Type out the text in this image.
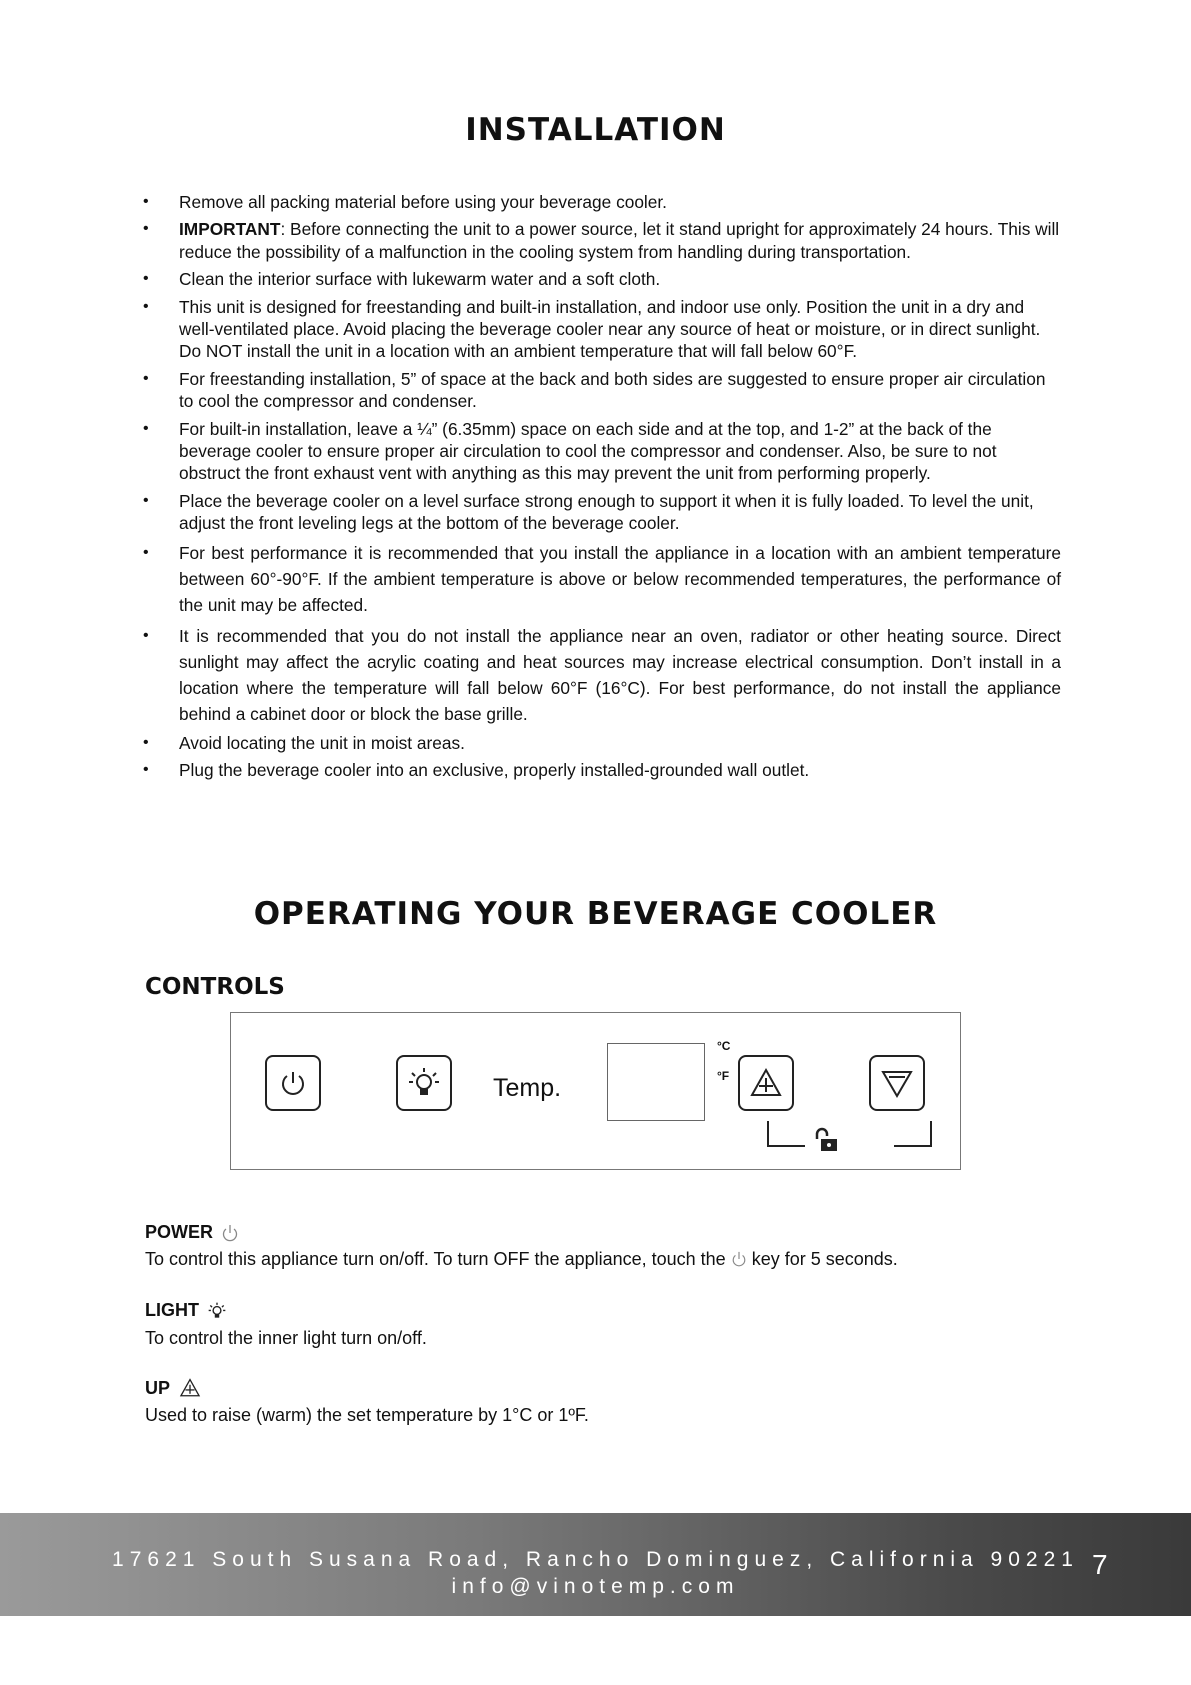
INSTALLATION
• Remove all packing material before using your beverage cooler.
• IMPORTANT: Before connecting the unit to a power source, let it stand upright for approximately 24 hours. This will reduce the possibility of a malfunction in the cooling system from handling during transportation.
• Clean the interior surface with lukewarm water and a soft cloth.
• This unit is designed for freestanding and built-in installation, and indoor use only. Position the unit in a dry and well-ventilated place. Avoid placing the beverage cooler near any source of heat or moisture, or in direct sunlight. Do NOT install the unit in a location with an ambient temperature that will fall below 60°F.
• For freestanding installation, 5” of space at the back and both sides are suggested to ensure proper air circulation to cool the compressor and condenser.
• For built-in installation, leave a ¼” (6.35mm) space on each side and at the top, and 1-2” at the back of the beverage cooler to ensure proper air circulation to cool the compressor and condenser. Also, be sure to not obstruct the front exhaust vent with anything as this may prevent the unit from performing properly.
• Place the beverage cooler on a level surface strong enough to support it when it is fully loaded. To level the unit, adjust the front leveling legs at the bottom of the beverage cooler.
• For best performance it is recommended that you install the appliance in a location with an ambient temperature between 60°-90°F. If the ambient temperature is above or below recommended temperatures, the performance of the unit may be affected.
• It is recommended that you do not install the appliance near an oven, radiator or other heating source. Direct sunlight may affect the acrylic coating and heat sources may increase electrical consumption. Don’t install in a location where the temperature will fall below 60°F (16°C). For best performance, do not install the appliance behind a cabinet door or block the base grille.
• Avoid locating the unit in moist areas.
• Plug the beverage cooler into an exclusive, properly installed-grounded wall outlet.
OPERATING YOUR BEVERAGE COOLER
CONTROLS
Temp.
°C
°F
POWER
To control this appliance turn on/off. To turn OFF the appliance, touch the  key for 5 seconds.
LIGHT
To control the inner light turn on/off.
UP
Used to raise (warm) the set temperature by 1°C or 1ºF.
17621 South Susana Road, Rancho Dominguez, California 90221
info@vinotemp.com
7
